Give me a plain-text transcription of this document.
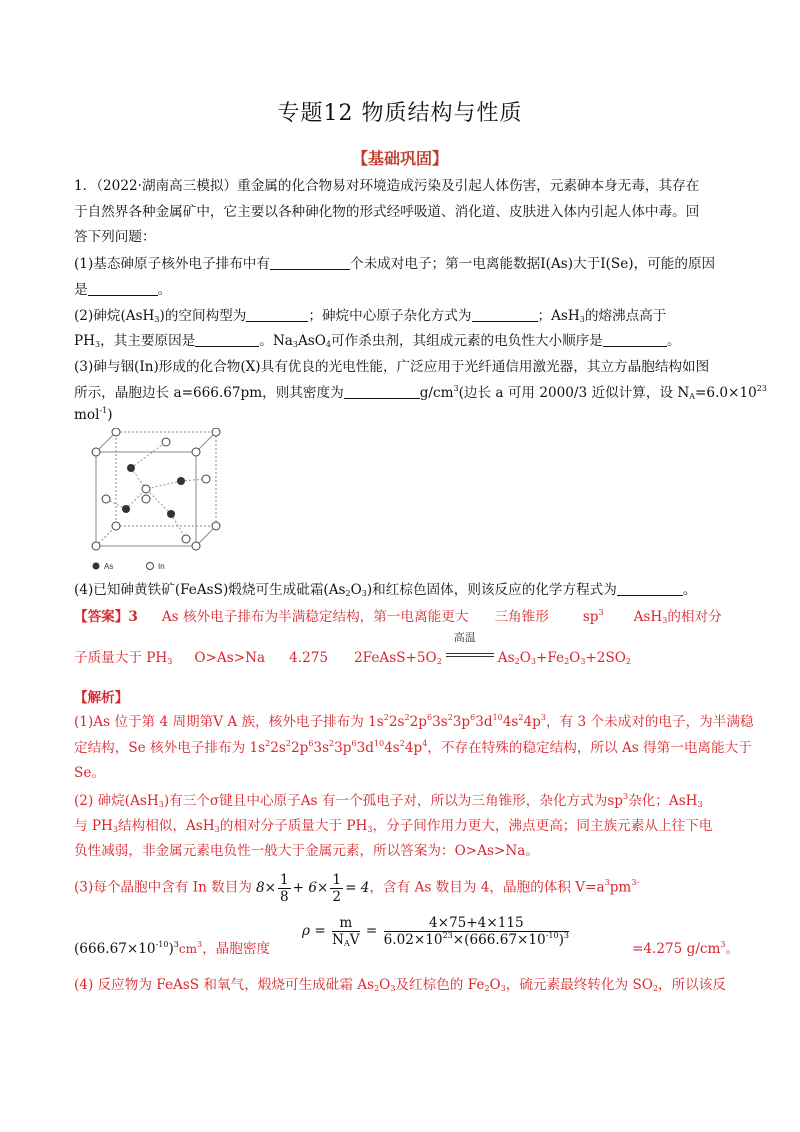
专题12 物质结构与性质
【基础巩固】
1．（2022·湖南高三模拟）重金属的化合物易对环境造成污染及引起人体伤害，元素砷本身无毒，其存在
于自然界各种金属矿中，它主要以各种砷化物的形式经呼吸道、消化道、皮肤进入体内引起人体中毒。回
答下列问题：
(1)基态砷原子核外电子排布中有	个未成对电子；第一电离能数据I(As)大于I(Se)，可能的原因
是	。
(2)砷烷(AsH$_3$)的空间构型为	；砷烷中心原子杂化方式为	；AsH$_3$的熔沸点高于
$PH_3$，其主要原因是	。$Na_3AsO_4$可作杀虫剂，其组成元素的电负性大小顺序是	。
(3)砷与铟(In)形成的化合物(X)具有优良的光电性能，广泛应用于光纤通信用激光器，其立方晶胞结构如图
所示，晶胞边长 a=666.67pm，则其密度为	$g/cm^3$(边长 a 可用 2000/3 近似计算，设 $N_A=6.0\times 10^{23}$
mol$^{-1}$)
As	In
(4)已知砷黄铁矿(FeAsS)煅烧可生成砒霜$(As_2O_3)$和红棕色固体，则该反应的化学方程式为	。
【答案】3 As 核外电子排布为半满稳定结构，第一电离能更大 三角锥形	$sp^3$ AsH$_3$的相对分
子质量大于 $PH_3$ O>As>Na 4.275 $2FeAsS+5O_2$
高温
$As_2O_3+Fe_2O_3+2SO_2$
【解析】
(1)As 位于第 4 周期第Ⅴ A 族，核外电子排布为 $1s^22s^22p^63s^23p^63d^{10}4s^24p^3$，有 3 个未成对的电子，为半满稳
定结构，Se 核外电子排布为 $1s^22s^22p^63s^23p^63d^{10}4s^24p^4$，不存在特殊的稳定结构，所以 As 得第一电离能大于
Se。
(2) 砷烷(AsH$_3$)有三个σ键且中心原子As 有一个孤电子对，所以为三角锥形，杂化方式为$sp^3$杂化；AsH$_3$
与 $PH_3$结构相似，AsH$_3$的相对分子质量大于 $PH_3$，分子间作用力更大，沸点更高；同主族元素从上往下电
负性减弱，非金属元素电负性一般大于金属元素，所以答案为：O>As>Na。
(3)每个晶胞中含有 In 数目为 $8\times \frac{1}{8} + 6\times \frac{1}{2} = 4$，含有 As 数目为 4，晶胞的体积 $V=a^3pm^{3-}$
$(666.67\times 10^{-10})^3cm^3$，晶胞密度
$\rho = \frac{m}{N_AV} = \frac{4\times 75+4\times 115}{6.02\times 10^{23}\times(666.67\times 10^{-10})^3}$
=4.275 $g/cm^3$。
(4) 反应物为 FeAsS 和氧气，煅烧可生成砒霜 $As_2O_3$及红棕色的 $Fe_2O_3$，硫元素最终转化为 $SO_2$，所以该反
